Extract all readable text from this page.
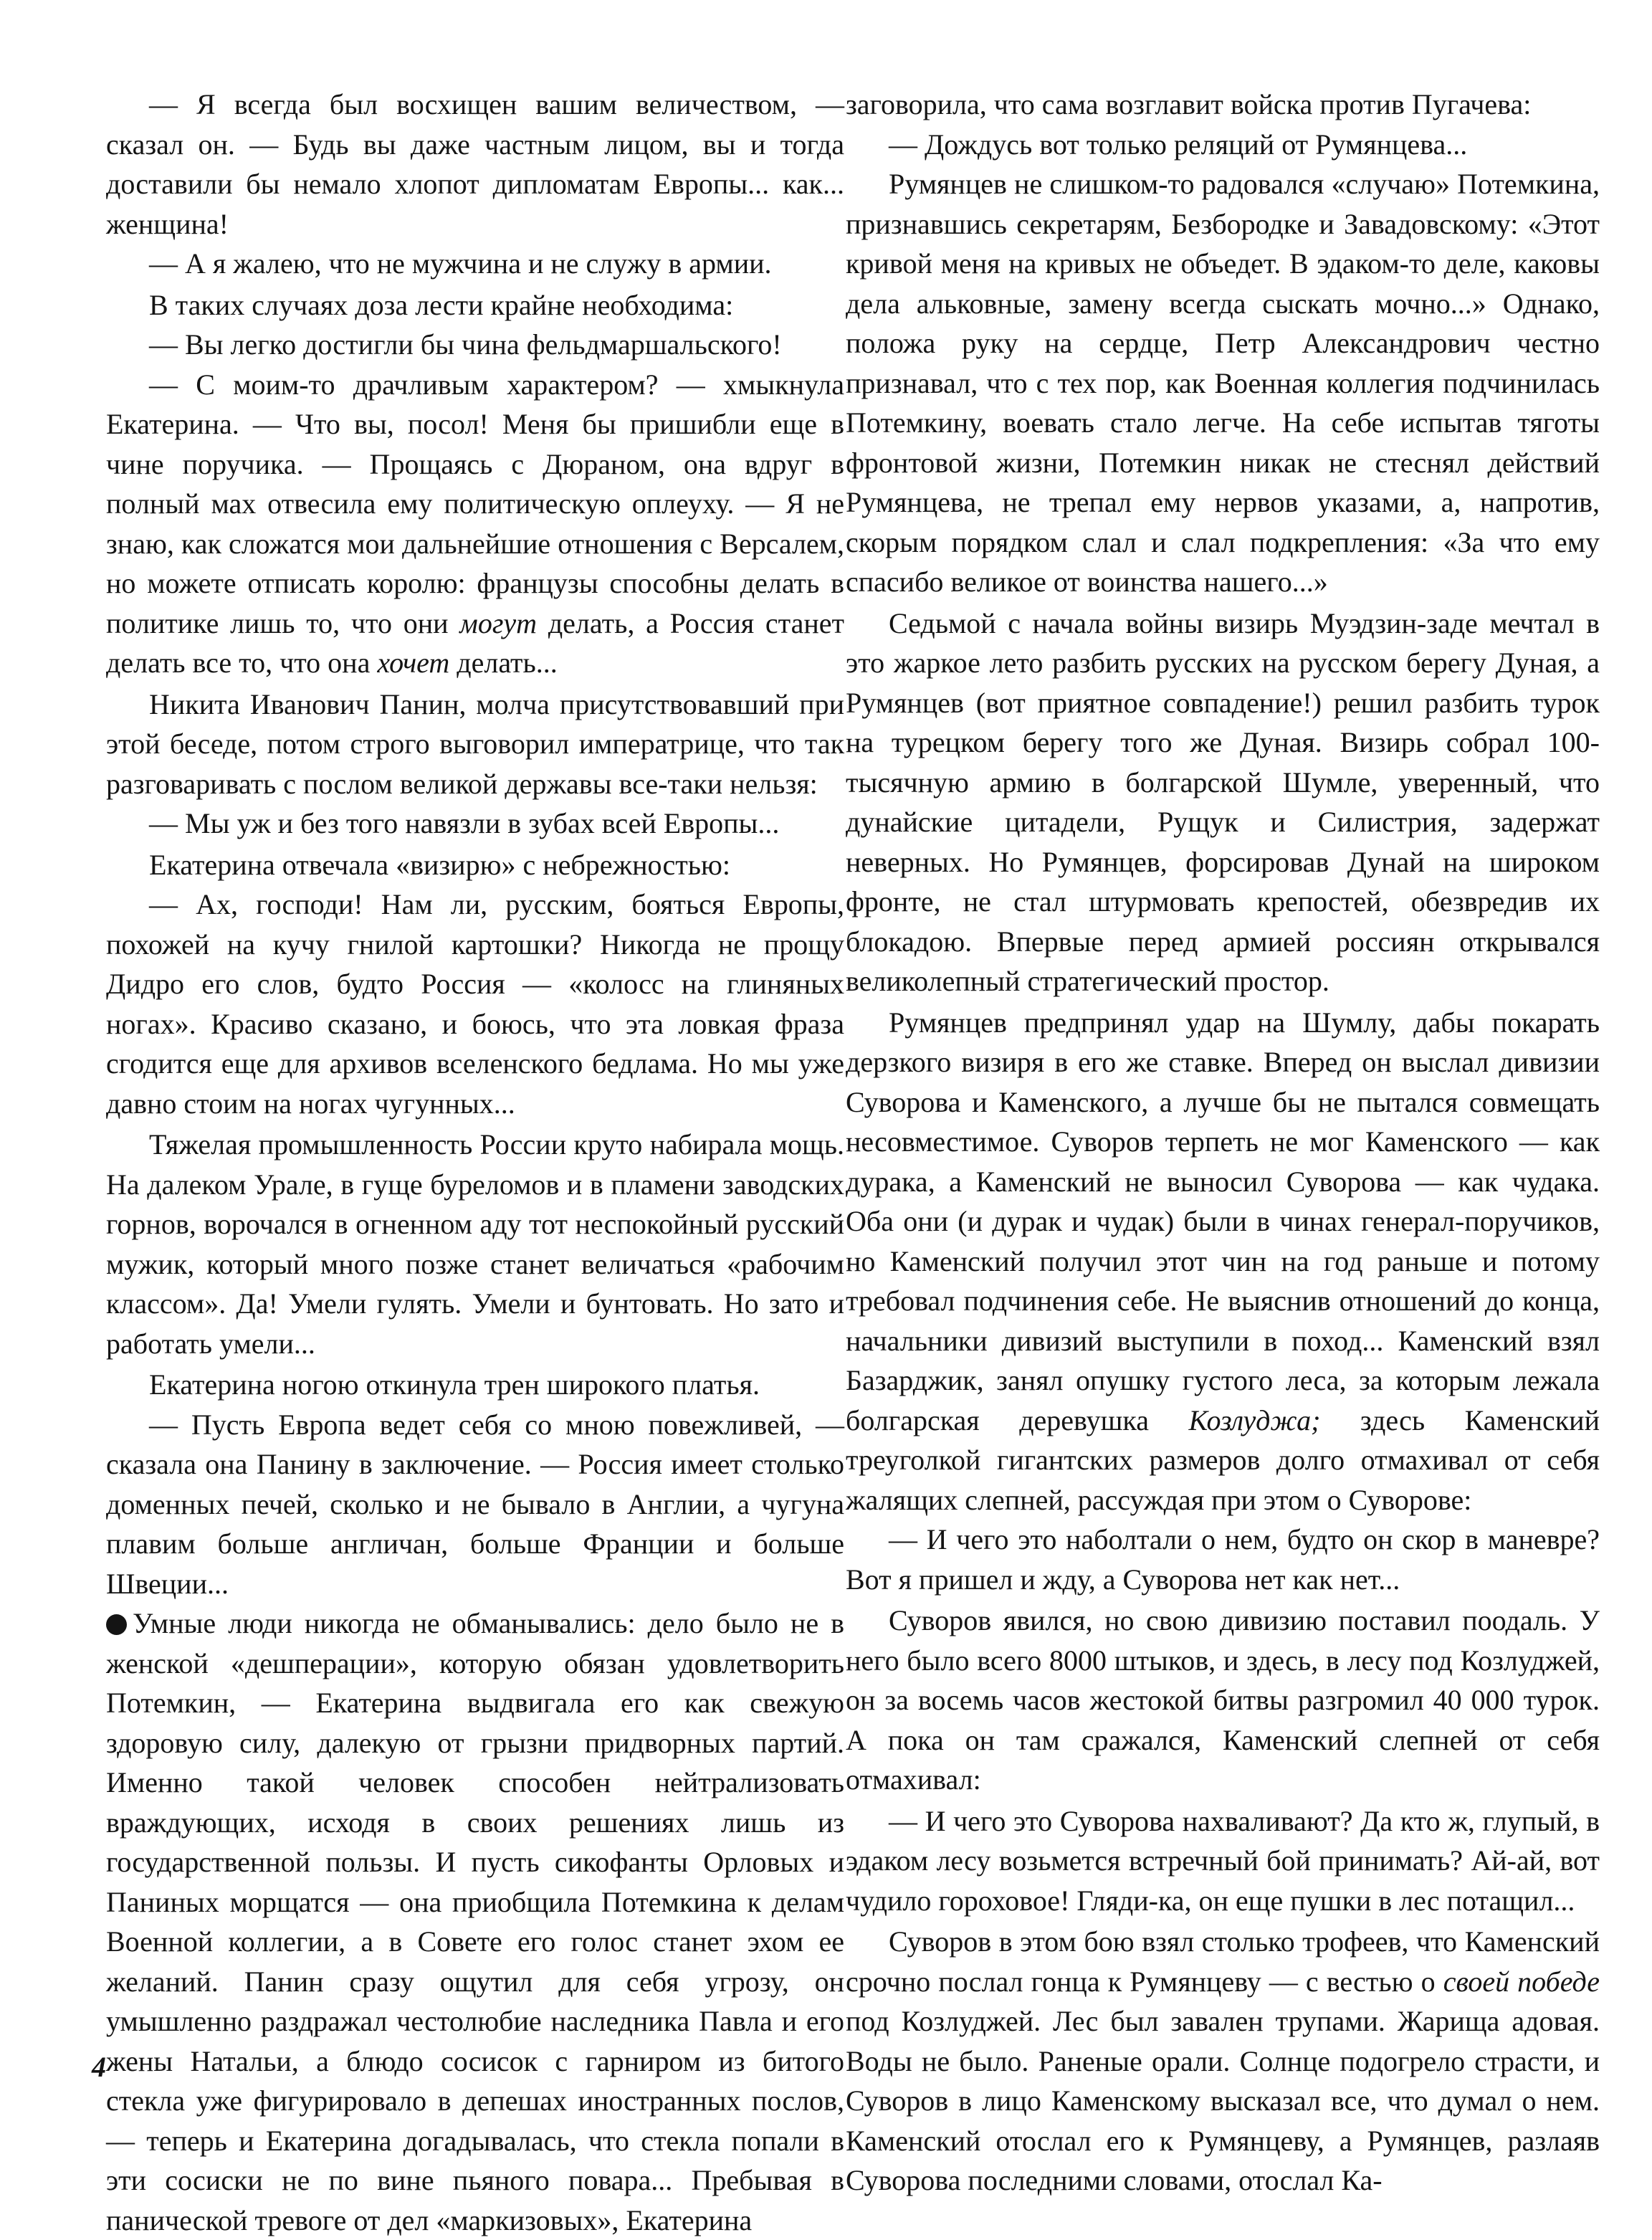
— Я всегда был восхищен вашим величеством, — сказал он. — Будь вы даже частным лицом, вы и тогда доставили бы немало хлопот дипломатам Европы... как... женщина!

— А я жалею, что не мужчина и не служу в армии.

В таких случаях доза лести крайне необходима:

— Вы легко достигли бы чина фельдмаршальского!

— С моим-то драчливым характером? — хмыкнула Екатерина. — Что вы, посол! Меня бы пришибли еще в чине поручика. — Прощаясь с Дюраном, она вдруг в полный мах отвесила ему политическую оплеуху. — Я не знаю, как сложатся мои дальнейшие отношения с Версалем, но можете отписать королю: французы способны делать в политике лишь то, что они могут делать, а Россия станет делать все то, что она хочет делать...

Никита Иванович Панин, молча присутствовавший при этой беседе, потом строго выговорил императрице, что так разговаривать с послом великой державы все-таки нельзя:

— Мы уж и без того навязли в зубах всей Европы...

Екатерина отвечала «визирю» с небрежностью:

— Ах, господи! Нам ли, русским, бояться Европы, похожей на кучу гнилой картошки? Никогда не прощу Дидро его слов, будто Россия — «колосс на глиняных ногах». Красиво сказано, и боюсь, что эта ловкая фраза сгодится еще для архивов вселенского бедлама. Но мы уже давно стоим на ногах чугунных...

Тяжелая промышленность России круто набирала мощь. На далеком Урале, в гуще буреломов и в пламени заводских горнов, ворочался в огненном аду тот неспокойный русский мужик, который много позже станет величаться «рабочим классом». Да! Умели гулять. Умели и бунтовать. Но зато и работать умели...

Екатерина ногою откинула трен широкого платья.

— Пусть Европа ведет себя со мною повежливей, — сказала она Панину в заключение. — Россия имеет столько доменных печей, сколько и не бывало в Англии, а чугуна плавим больше англичан, больше Франции и больше Швеции...

Умные люди никогда не обманывались: дело было не в женской «дешперации», которую обязан удовлетворить Потемкин, — Екатерина выдвигала его как свежую здоровую силу, далекую от грызни придворных партий. Именно такой человек способен нейтрализовать враждующих, исходя в своих решениях лишь из государственной пользы. И пусть сикофанты Орловых и Паниных морщатся — она приобщила Потемкина к делам Военной коллегии, а в Совете его голос станет эхом ее желаний. Панин сразу ощутил для себя угрозу, он умышленно раздражал честолюбие наследника Павла и его жены Натальи, а блюдо сосисок с гарниром из битого стекла уже фигурировало в депешах иностранных послов, — теперь и Екатерина догадывалась, что стекла попали в эти сосиски не по вине пьяного повара... Пребывая в панической тревоге от дел «маркизовых», Екатерина

заговорила, что сама возглавит войска против Пугачева:

— Дождусь вот только реляций от Румянцева...

Румянцев не слишком-то радовался «случаю» Потемкина, признавшись секретарям, Безбородке и Завадовскому: «Этот кривой меня на кривых не объедет. В эдаком-то деле, каковы дела альковные, замену всегда сыскать мочно...» Однако, положа руку на сердце, Петр Александрович честно признавал, что с тех пор, как Военная коллегия подчинилась Потемкину, воевать стало легче. На себе испытав тяготы фронтовой жизни, Потемкин никак не стеснял действий Румянцева, не трепал ему нервов указами, а, напротив, скорым порядком слал и слал подкрепления: «За что ему спасибо великое от воинства нашего...»

Седьмой с начала войны визирь Муэдзин-заде мечтал в это жаркое лето разбить русских на русском берегу Дуная, а Румянцев (вот приятное совпадение!) решил разбить турок на турецком берегу того же Дуная. Визирь собрал 100-тысячную армию в болгарской Шумле, уверенный, что дунайские цитадели, Рущук и Силистрия, задержат неверных. Но Румянцев, форсировав Дунай на широком фронте, не стал штурмовать крепостей, обезвредив их блокадою. Впервые перед армией россиян открывался великолепный стратегический простор.

Румянцев предпринял удар на Шумлу, дабы покарать дерзкого визиря в его же ставке. Вперед он выслал дивизии Суворова и Каменского, а лучше бы не пытался совмещать несовместимое. Суворов терпеть не мог Каменского — как дурака, а Каменский не выносил Суворова — как чудака. Оба они (и дурак и чудак) были в чинах генерал-поручиков, но Каменский получил этот чин на год раньше и потому требовал подчинения себе. Не выяснив отношений до конца, начальники дивизий выступили в поход... Каменский взял Базарджик, занял опушку густого леса, за которым лежала болгарская деревушка Козлуджа; здесь Каменский треуголкой гигантских размеров долго отмахивал от себя жалящих слепней, рассуждая при этом о Суворове:

— И чего это наболтали о нем, будто он скор в маневре? Вот я пришел и жду, а Суворова нет как нет...

Суворов явился, но свою дивизию поставил поодаль. У него было всего 8000 штыков, и здесь, в лесу под Козлуджей, он за восемь часов жестокой битвы разгромил 40 000 турок. А пока он там сражался, Каменский слепней от себя отмахивал:

— И чего это Суворова нахваливают? Да кто ж, глупый, в эдаком лесу возьмется встречный бой принимать? Ай-ай, вот чудило гороховое! Гляди-ка, он еще пушки в лес потащил...

Суворов в этом бою взял столько трофеев, что Каменский срочно послал гонца к Румянцеву — с вестью о своей победе под Козлуджей. Лес был завален трупами. Жарища адовая. Воды не было. Раненые орали. Солнце подогрело страсти, и Суворов в лицо Каменскому высказал все, что думал о нем. Каменский отослал его к Румянцеву, а Румянцев, разлаяв Суворова последними словами, отослал Ка-

4
